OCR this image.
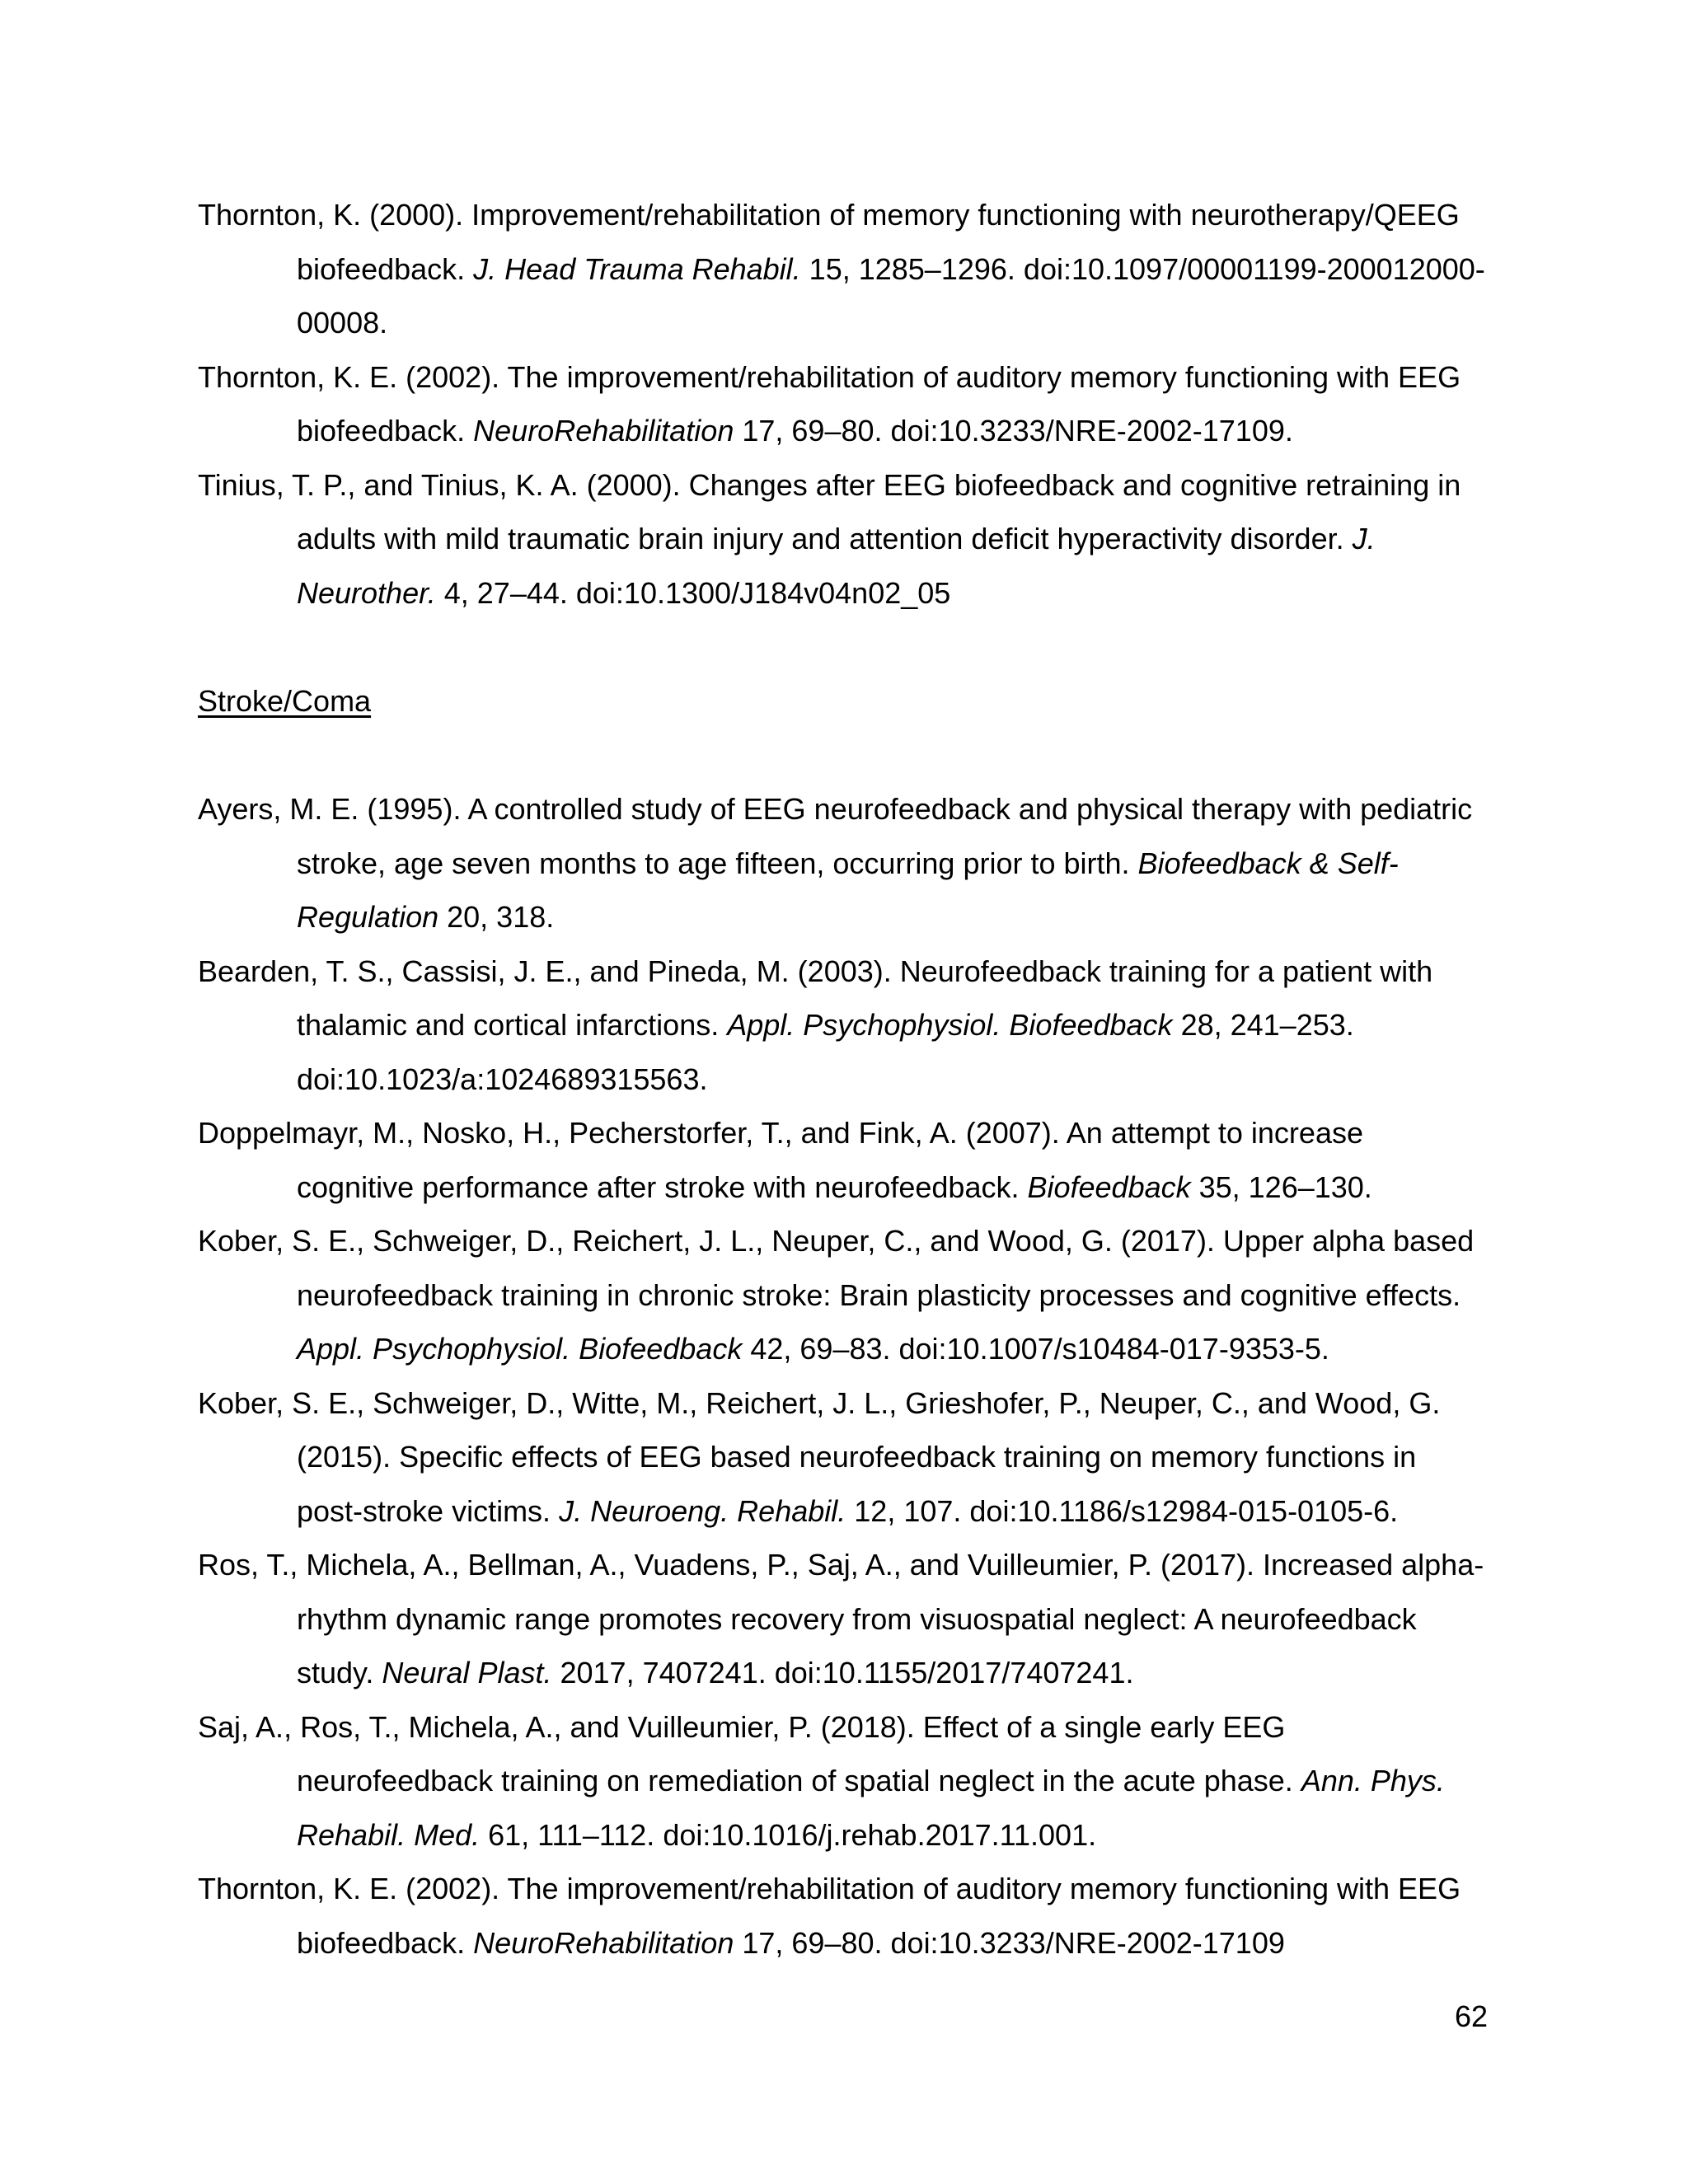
Thornton, K. (2000). Improvement/rehabilitation of memory functioning with neurotherapy/QEEG biofeedback. J. Head Trauma Rehabil. 15, 1285–1296. doi:10.1097/00001199-200012000-00008.

Thornton, K. E. (2002). The improvement/rehabilitation of auditory memory functioning with EEG biofeedback. NeuroRehabilitation 17, 69–80. doi:10.3233/NRE-2002-17109.

Tinius, T. P., and Tinius, K. A. (2000). Changes after EEG biofeedback and cognitive retraining in adults with mild traumatic brain injury and attention deficit hyperactivity disorder. J. Neurother. 4, 27–44. doi:10.1300/J184v04n02_05

Stroke/Coma

Ayers, M. E. (1995). A controlled study of EEG neurofeedback and physical therapy with pediatric stroke, age seven months to age fifteen, occurring prior to birth. Biofeedback & Self-Regulation 20, 318.

Bearden, T. S., Cassisi, J. E., and Pineda, M. (2003). Neurofeedback training for a patient with thalamic and cortical infarctions. Appl. Psychophysiol. Biofeedback 28, 241–253. doi:10.1023/a:1024689315563.

Doppelmayr, M., Nosko, H., Pecherstorfer, T., and Fink, A. (2007). An attempt to increase cognitive performance after stroke with neurofeedback. Biofeedback 35, 126–130.

Kober, S. E., Schweiger, D., Reichert, J. L., Neuper, C., and Wood, G. (2017). Upper alpha based neurofeedback training in chronic stroke: Brain plasticity processes and cognitive effects. Appl. Psychophysiol. Biofeedback 42, 69–83. doi:10.1007/s10484-017-9353-5.

Kober, S. E., Schweiger, D., Witte, M., Reichert, J. L., Grieshofer, P., Neuper, C., and Wood, G. (2015). Specific effects of EEG based neurofeedback training on memory functions in post-stroke victims. J. Neuroeng. Rehabil. 12, 107. doi:10.1186/s12984-015-0105-6.

Ros, T., Michela, A., Bellman, A., Vuadens, P., Saj, A., and Vuilleumier, P. (2017). Increased alpha-rhythm dynamic range promotes recovery from visuospatial neglect: A neurofeedback study. Neural Plast. 2017, 7407241. doi:10.1155/2017/7407241.

Saj, A., Ros, T., Michela, A., and Vuilleumier, P. (2018). Effect of a single early EEG neurofeedback training on remediation of spatial neglect in the acute phase. Ann. Phys. Rehabil. Med. 61, 111–112. doi:10.1016/j.rehab.2017.11.001.

Thornton, K. E. (2002). The improvement/rehabilitation of auditory memory functioning with EEG biofeedback. NeuroRehabilitation 17, 69–80. doi:10.3233/NRE-2002-17109

62
